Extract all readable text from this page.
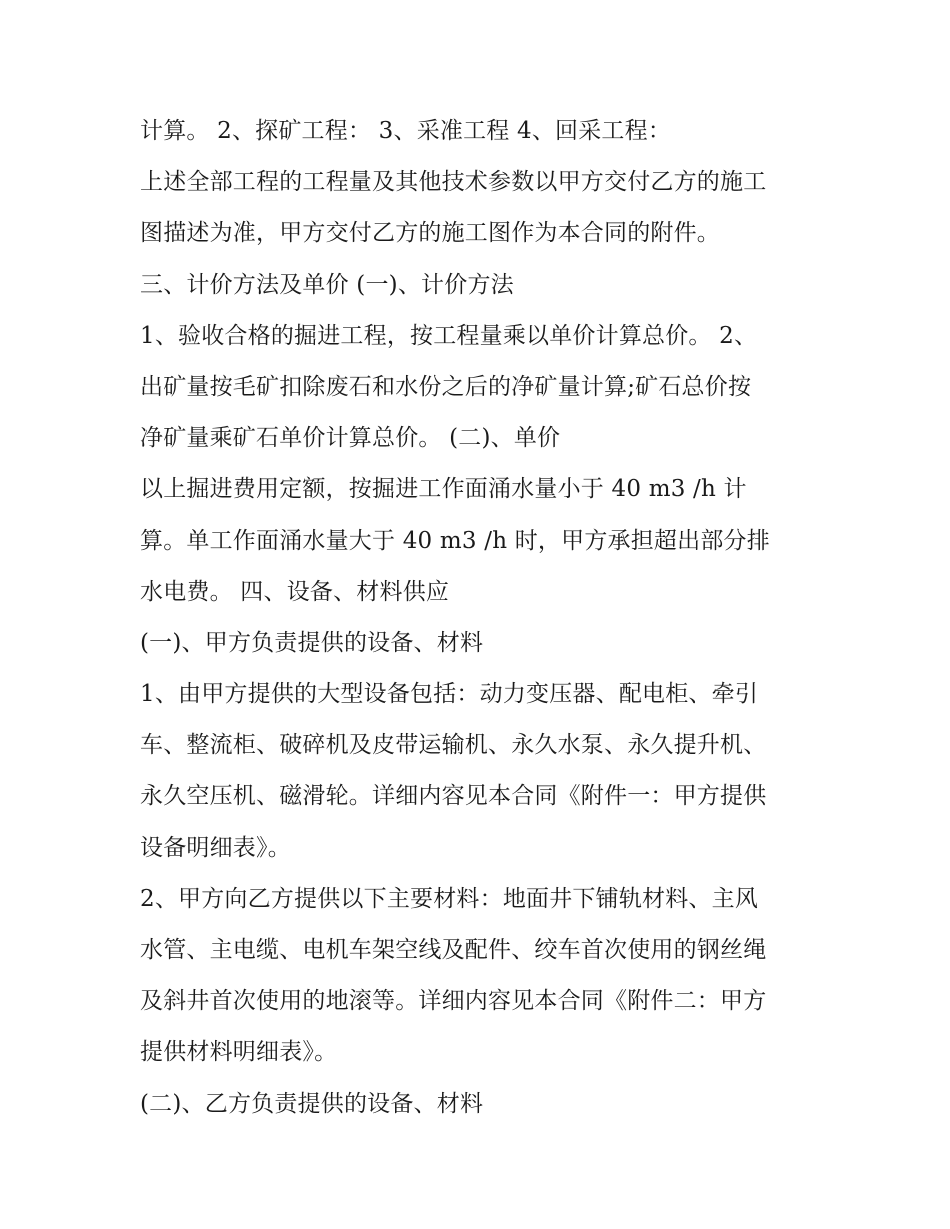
计算。 2、探矿工程： 3、采准工程 4、回采工程：
上述全部工程的工程量及其他技术参数以甲方交付乙方的施工
图描述为准，甲方交付乙方的施工图作为本合同的附件。
三、计价方法及单价 (一)、计价方法
1、验收合格的掘进工程，按工程量乘以单价计算总价。 2、
出矿量按毛矿扣除废石和水份之后的净矿量计算;矿石总价按
净矿量乘矿石单价计算总价。 (二)、单价
以上掘进费用定额，按掘进工作面涌水量小于 40 m3 /h 计
算。单工作面涌水量大于 40 m3 /h 时，甲方承担超出部分排
水电费。 四、设备、材料供应
(一)、甲方负责提供的设备、材料
1、由甲方提供的大型设备包括：动力变压器、配电柜、牵引
车、整流柜、破碎机及皮带运输机、永久水泵、永久提升机、
永久空压机、磁滑轮。详细内容见本合同《附件一：甲方提供
设备明细表》。
2、甲方向乙方提供以下主要材料：地面井下铺轨材料、主风
水管、主电缆、电机车架空线及配件、绞车首次使用的钢丝绳
及斜井首次使用的地滚等。详细内容见本合同《附件二：甲方
提供材料明细表》。
(二)、乙方负责提供的设备、材料
